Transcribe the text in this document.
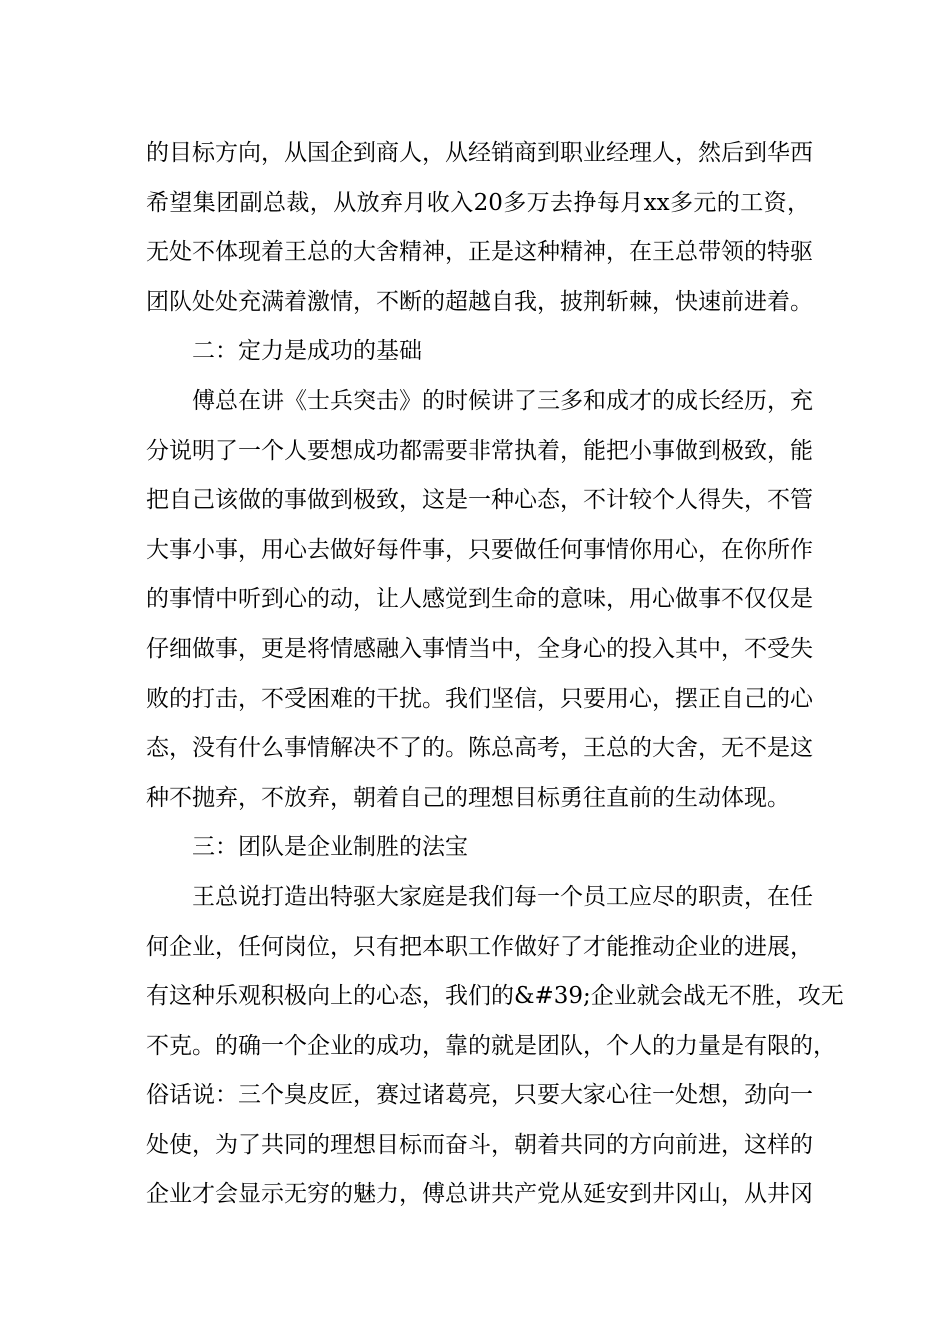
的目标方向，从国企到商人，从经销商到职业经理人，然后到华西
希望集团副总裁，从放弃月收入20多万去挣每月xx多元的工资，
无处不体现着王总的大舍精神，正是这种精神，在王总带领的特驱
团队处处充满着激情，不断的超越自我，披荆斩棘，快速前进着。
二：定力是成功的基础
傅总在讲《士兵突击》的时候讲了三多和成才的成长经历，充
分说明了一个人要想成功都需要非常执着，能把小事做到极致，能
把自己该做的事做到极致，这是一种心态，不计较个人得失，不管
大事小事，用心去做好每件事，只要做任何事情你用心，在你所作
的事情中听到心的动，让人感觉到生命的意味，用心做事不仅仅是
仔细做事，更是将情感融入事情当中，全身心的投入其中，不受失
败的打击，不受困难的干扰。我们坚信，只要用心，摆正自己的心
态，没有什么事情解决不了的。陈总高考，王总的大舍，无不是这
种不抛弃，不放弃，朝着自己的理想目标勇往直前的生动体现。
三：团队是企业制胜的法宝
王总说打造出特驱大家庭是我们每一个员工应尽的职责，在任
何企业，任何岗位，只有把本职工作做好了才能推动企业的进展，
有这种乐观积极向上的心态，我们的&#39;企业就会战无不胜，攻无
不克。的确一个企业的成功，靠的就是团队，个人的力量是有限的，
俗话说：三个臭皮匠，赛过诸葛亮，只要大家心往一处想，劲向一
处使，为了共同的理想目标而奋斗，朝着共同的方向前进，这样的
企业才会显示无穷的魅力，傅总讲共产党从延安到井冈山，从井冈
